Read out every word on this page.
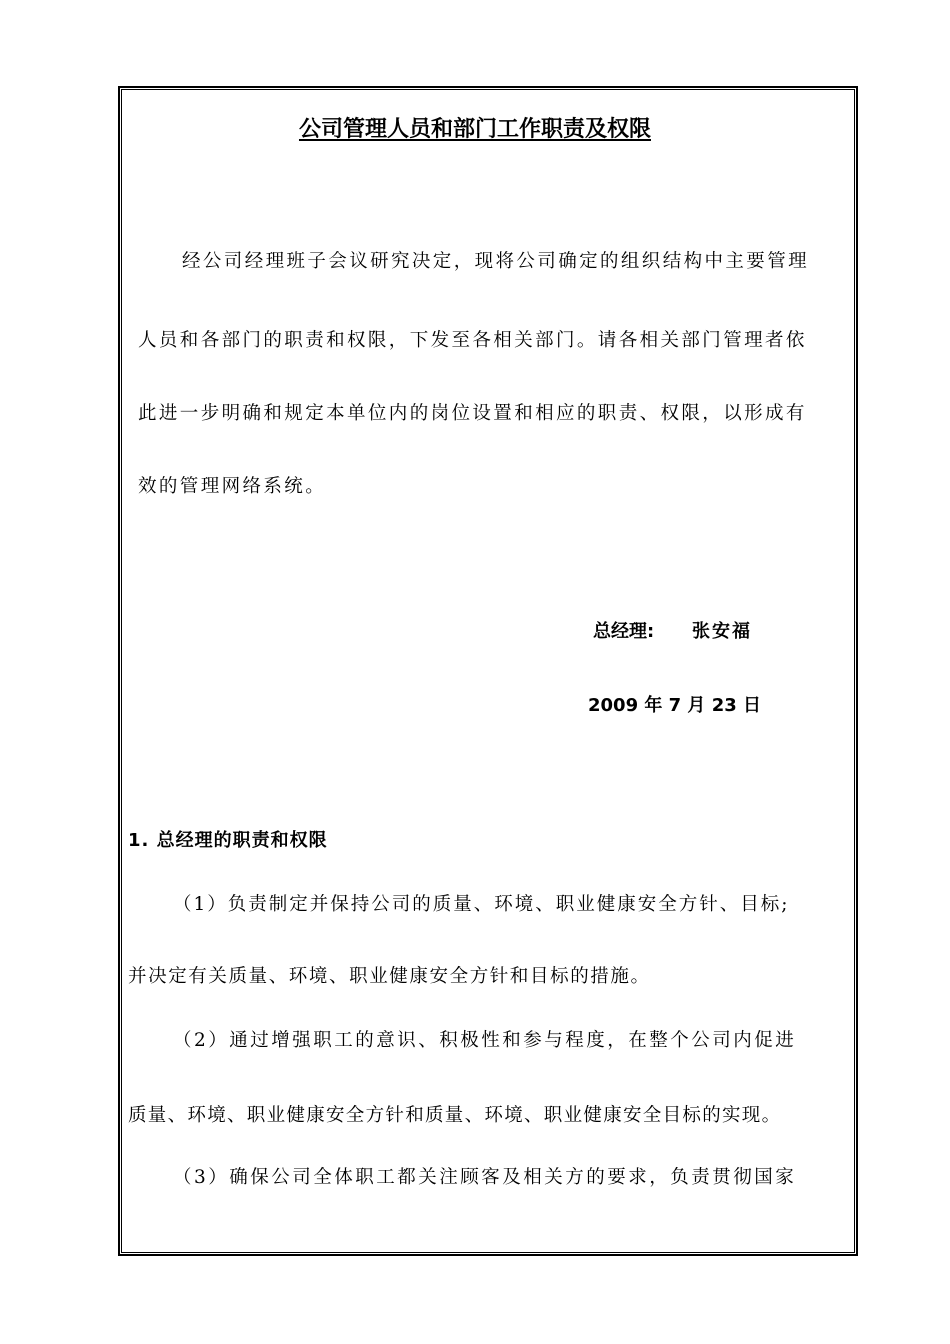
公司管理人员和部门工作职责及权限
经公司经理班子会议研究决定，现将公司确定的组织结构中主要管理
人员和各部门的职责和权限，下发至各相关部门。请各相关部门管理者依
此进一步明确和规定本单位内的岗位设置和相应的职责、权限，以形成有
效的管理网络系统。
总经理: 张安福
2009 年 7 月 23 日
1. 总经理的职责和权限
（1）负责制定并保持公司的质量、环境、职业健康安全方针、目标;
并决定有关质量、环境、职业健康安全方针和目标的措施。
（2）通过增强职工的意识、积极性和参与程度，在整个公司内促进
质量、环境、职业健康安全方针和质量、环境、职业健康安全目标的实现。
（3）确保公司全体职工都关注顾客及相关方的要求，负责贯彻国家
